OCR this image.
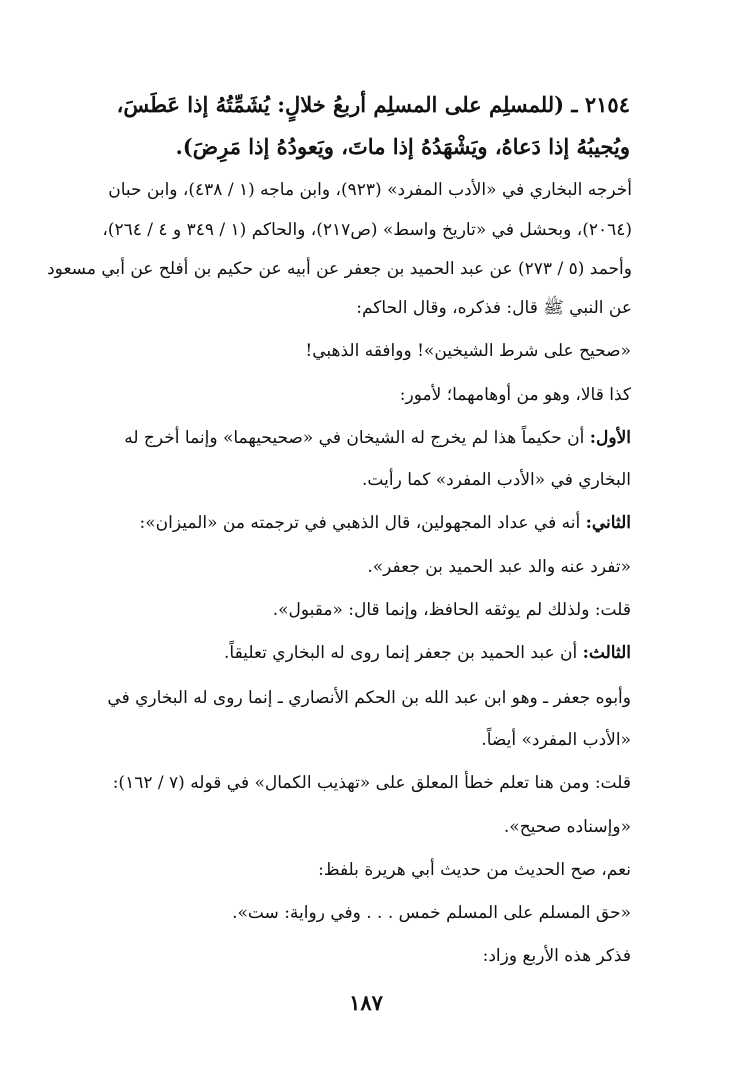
٢١٥٤ ـ (للمسلِم على المسلِم أربعُ خلالٍ: يُشَمِّتُهُ إذا عَطَسَ،
ويُجيبُهُ إذا دَعاهُ، ويَشْهَدُهُ إذا ماتَ، ويَعودُهُ إذا مَرِضَ).
أخرجه البخاري في «الأدب المفرد» (٩٢٣)، وابن ماجه (١ / ٤٣٨)، وابن حبان
(٢٠٦٤)، وبحشل في «تاريخ واسط» (ص٢١٧)، والحاكم (١ / ٣٤٩ و ٤ / ٢٦٤)،
وأحمد (٥ / ٢٧٣) عن عبد الحميد بن جعفر عن أبيه عن حكيم بن أفلح عن أبي مسعود
عن النبي ﷺ قال: فذكره، وقال الحاكم:
«صحيح على شرط الشيخين»! ووافقه الذهبي!
كذا قالا، وهو من أوهامهما؛ لأمور:
الأول: أن حكيماً هذا لم يخرج له الشيخان في «صحيحيهما» وإنما أخرج له
البخاري في «الأدب المفرد» كما رأيت.
الثاني: أنه في عداد المجهولين، قال الذهبي في ترجمته من «الميزان»:
«تفرد عنه والد عبد الحميد بن جعفر».
قلت: ولذلك لم يوثقه الحافظ، وإنما قال: «مقبول».
الثالث: أن عبد الحميد بن جعفر إنما روى له البخاري تعليقاً.
وأبوه جعفر ـ وهو ابن عبد الله بن الحكم الأنصاري ـ إنما روى له البخاري في
«الأدب المفرد» أيضاً.
قلت: ومن هنا تعلم خطأ المعلق على «تهذيب الكمال» في قوله (٧ / ١٦٢):
«وإسناده صحيح».
نعم، صح الحديث من حديث أبي هريرة بلفظ:
«حق المسلم على المسلم خمس . . . وفي رواية: ست».
فذكر هذه الأربع وزاد:
١٨٧
